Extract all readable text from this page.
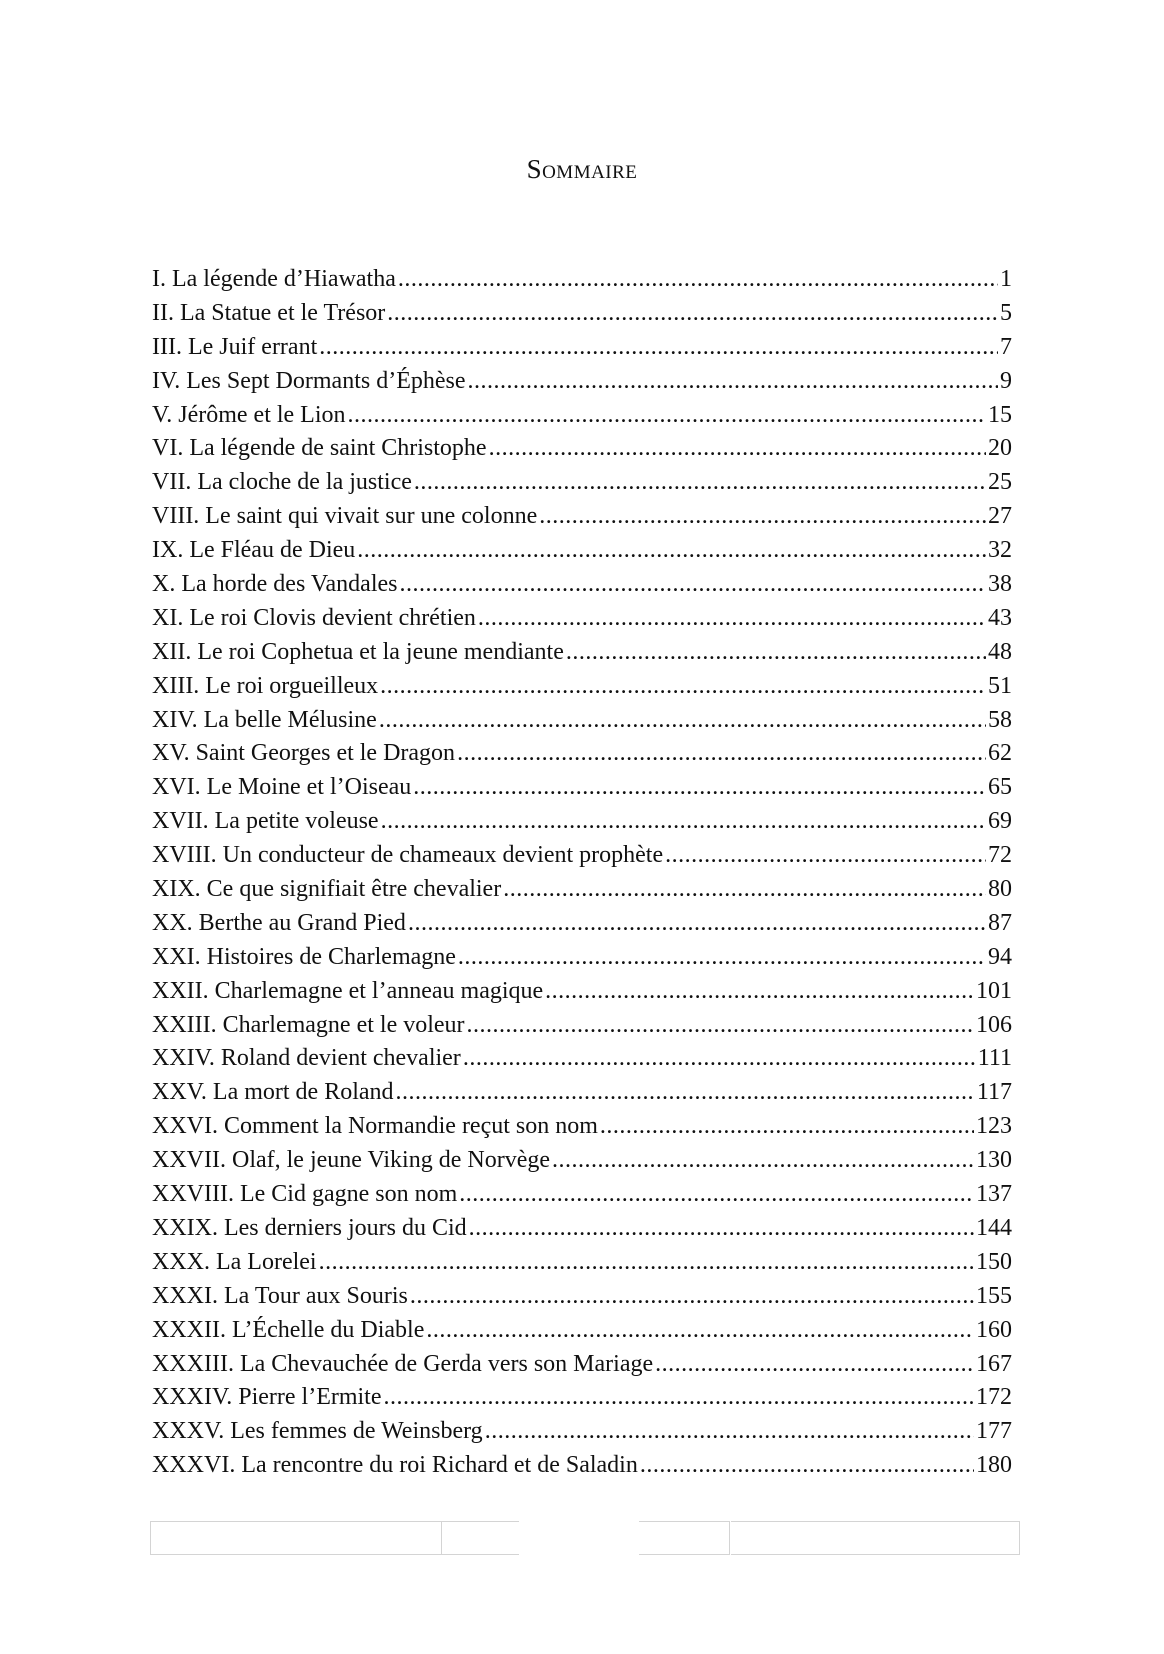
Sommaire
I. La légende d’Hiawatha .....	1
II. La Statue et le Trésor .....	5
III. Le Juif errant .....	7
IV. Les Sept Dormants d’Éphèse .....	9
V. Jérôme et le Lion .....	15
VI. La légende de saint Christophe .....	20
VII. La cloche de la justice .....	25
VIII. Le saint qui vivait sur une colonne .....	27
IX. Le Fléau de Dieu .....	32
X. La horde des Vandales .....	38
XI. Le roi Clovis devient chrétien .....	43
XII. Le roi Cophetua et la jeune mendiante .....	48
XIII. Le roi orgueilleux .....	51
XIV. La belle Mélusine .....	58
XV. Saint Georges et le Dragon .....	62
XVI. Le Moine et l’Oiseau .....	65
XVII. La petite voleuse .....	69
XVIII. Un conducteur de chameaux devient prophète .....	72
XIX. Ce que signifiait être chevalier .....	80
XX. Berthe au Grand Pied .....	87
XXI. Histoires de Charlemagne .....	94
XXII. Charlemagne et l’anneau magique .....	101
XXIII. Charlemagne et le voleur .....	106
XXIV. Roland devient chevalier .....	111
XXV. La mort de Roland .....	117
XXVI. Comment la Normandie reçut son nom .....	123
XXVII. Olaf, le jeune Viking de Norvège .....	130
XXVIII. Le Cid gagne son nom .....	137
XXIX. Les derniers jours du Cid .....	144
XXX. La Lorelei .....	150
XXXI. La Tour aux Souris .....	155
XXXII. L’Échelle du Diable .....	160
XXXIII. La Chevauchée de Gerda vers son Mariage .....	167
XXXIV. Pierre l’Ermite .....	172
XXXV. Les femmes de Weinsberg .....	177
XXXVI. La rencontre du roi Richard et de Saladin .....	180
